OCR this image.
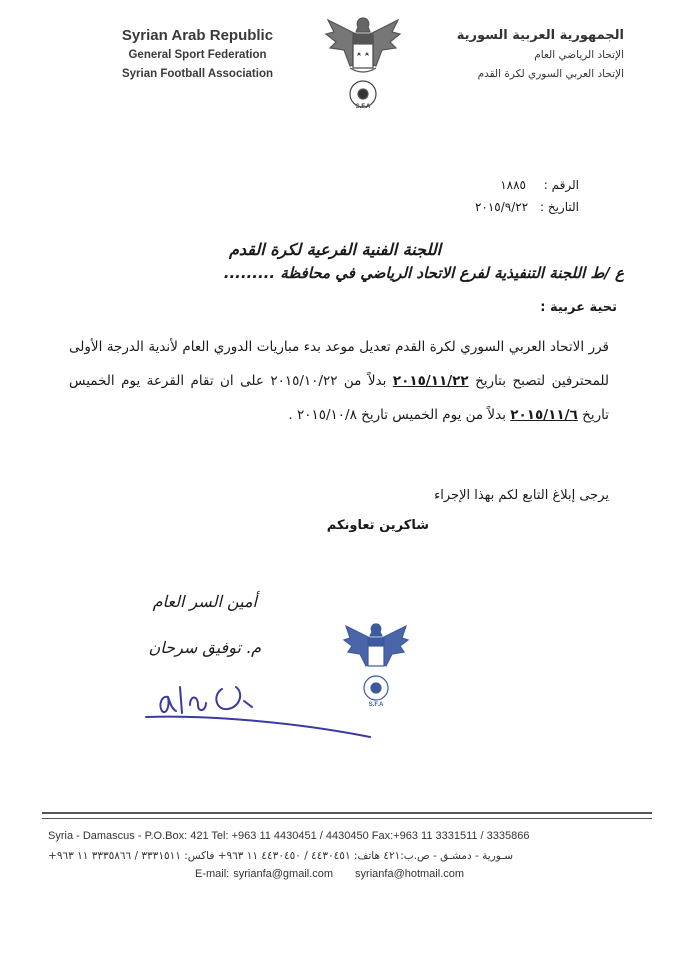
Syrian Arab Republic
General Sport Federation
Syrian Football Association
S.F.A
الجمهورية العربية السورية
الإتحاد الرياضي العام
الإتحاد العربي السوري لكرة القدم
الرقم : ١٨٨٥
التاريخ : ٢٠١٥/٩/٢٢
اللجنة الفنية الفرعية لكرة القدم
ع /ط اللجنة التنفيذية لفرع الاتحاد الرياضي في محافظة .........
تحية عربية :
قرر الاتحاد العربي السوري لكرة القدم تعديل موعد بدء مباريات الدوري العام لأندية الدرجة الأولى للمحترفين لتصبح بتاريخ ٢٠١٥/١١/٢٢ بدلاً من ٢٠١٥/١٠/٢٢ على ان تقام القرعة يوم الخميس تاريخ ٢٠١٥/١١/٦ بدلاً من يوم الخميس تاريخ ٢٠١٥/١٠/٨ .
يرجى إبلاغ التابع لكم بهذا الإجراء
شاكرين تعاونكم
أمين السر العام
م. توفيق سرحان
S.F.A
Syria - Damascus - P.O.Box: 421 Tel: +963 11 4430451 / 4430450 Fax:+963 11 3331511 / 3335866
سـورية - دمشـق - ص.ب:٤٢١ هاتف: ٤٤٣٠٤٥١ / ٤٤٣٠٤٥٠ ١١ ٩٦٣+ فاكس: ٣٣٣١٥١١ / ٣٣٣٥٨٦٦ ١١ ٩٦٣+
E-mail: syrianfa@gmail.com syrianfa@hotmail.com
